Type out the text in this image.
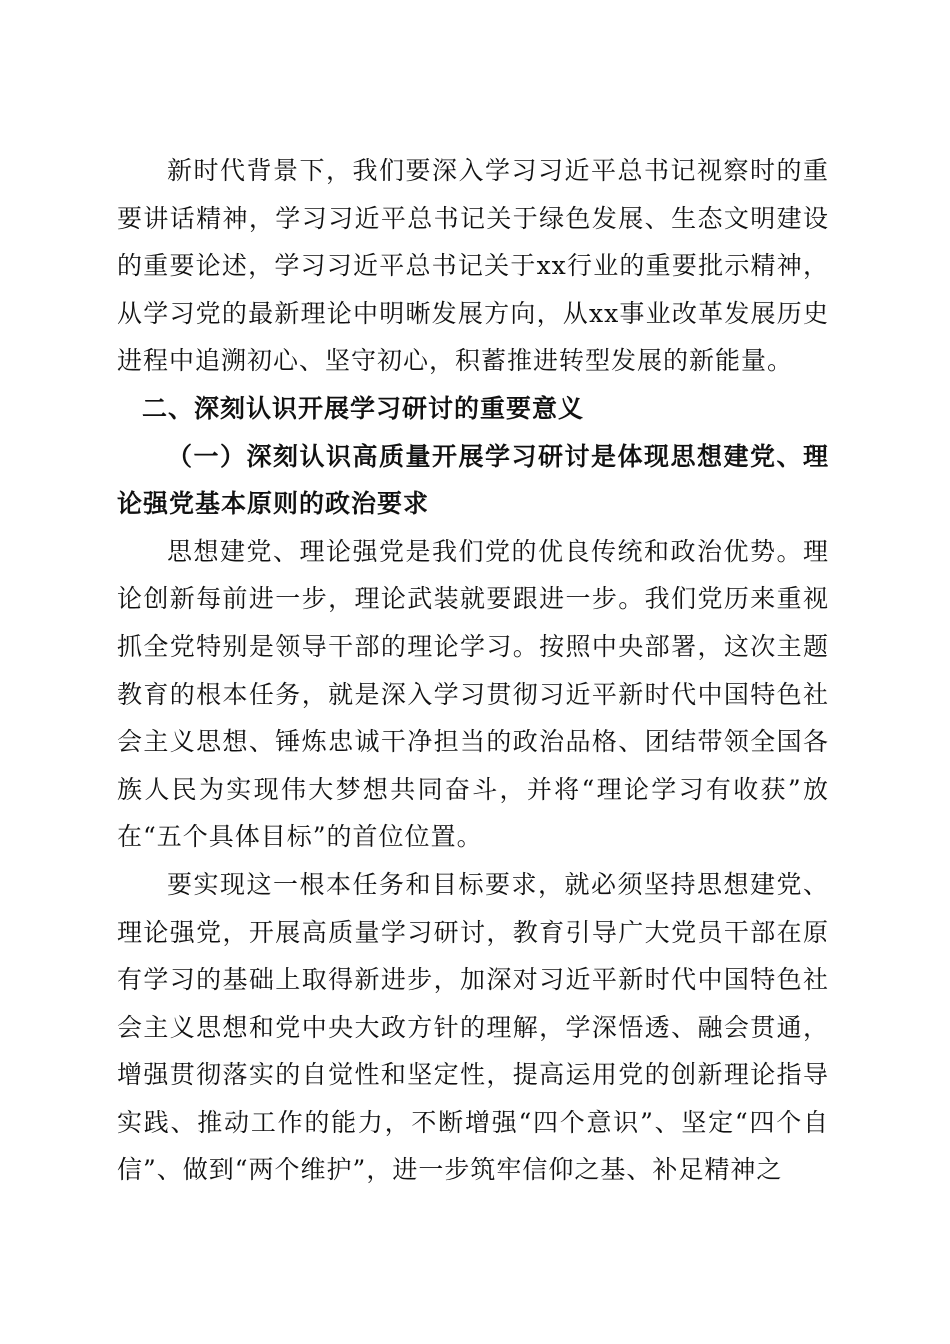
新时代背景下，我们要深入学习习近平总书记视察时的重要讲话精神，学习习近平总书记关于绿色发展、生态文明建设的重要论述，学习习近平总书记关于xx行业的重要批示精神，从学习党的最新理论中明晰发展方向，从xx事业改革发展历史进程中追溯初心、坚守初心，积蓄推进转型发展的新能量。

二、深刻认识开展学习研讨的重要意义

（一）深刻认识高质量开展学习研讨是体现思想建党、理论强党基本原则的政治要求

思想建党、理论强党是我们党的优良传统和政治优势。理论创新每前进一步，理论武装就要跟进一步。我们党历来重视抓全党特别是领导干部的理论学习。按照中央部署，这次主题教育的根本任务，就是深入学习贯彻习近平新时代中国特色社会主义思想、锤炼忠诚干净担当的政治品格、团结带领全国各族人民为实现伟大梦想共同奋斗，并将“理论学习有收获”放在“五个具体目标”的首位位置。

要实现这一根本任务和目标要求，就必须坚持思想建党、理论强党，开展高质量学习研讨，教育引导广大党员干部在原有学习的基础上取得新进步，加深对习近平新时代中国特色社会主义思想和党中央大政方针的理解，学深悟透、融会贯通，增强贯彻落实的自觉性和坚定性，提高运用党的创新理论指导实践、推动工作的能力，不断增强“四个意识”、坚定“四个自信”、做到“两个维护”，进一步筑牢信仰之基、补足精神之
